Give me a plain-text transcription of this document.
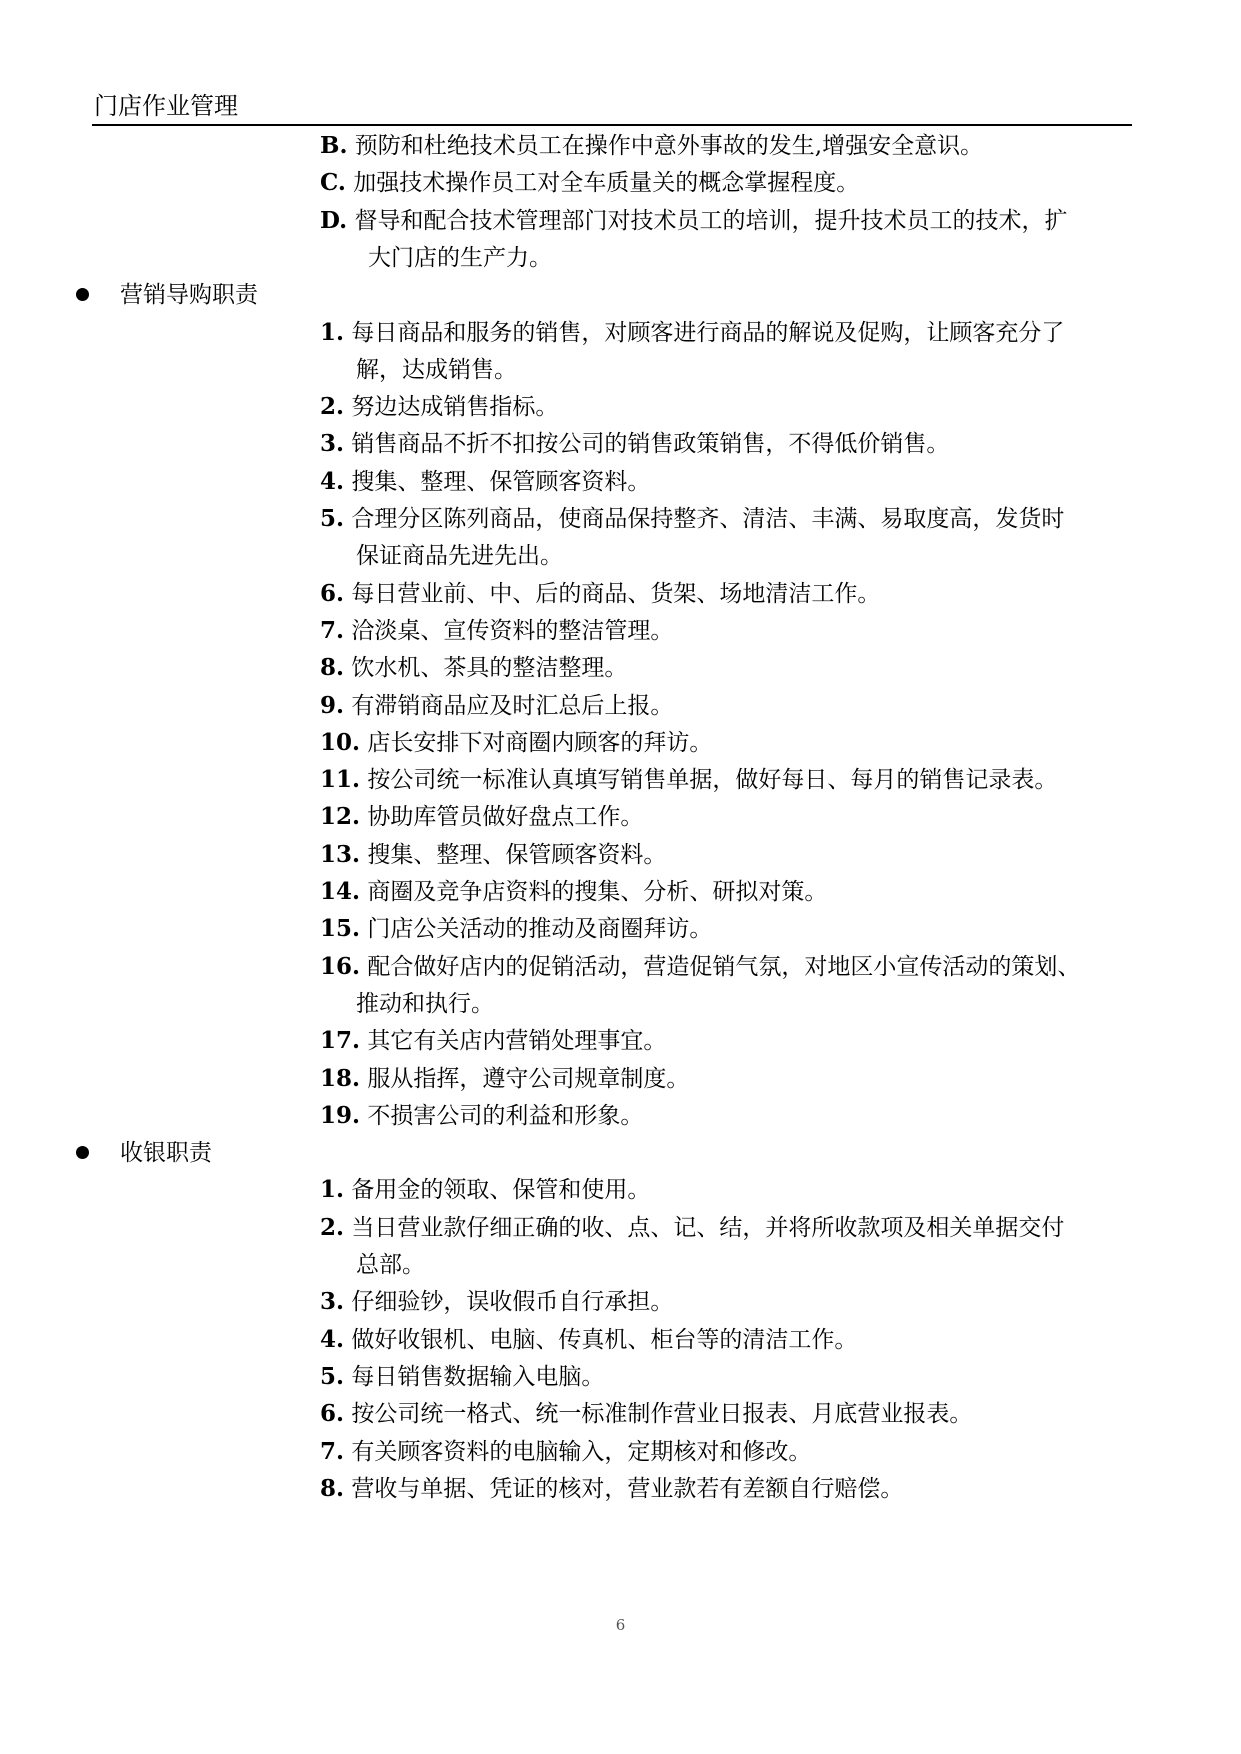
门店作业管理
B. 预防和杜绝技术员工在操作中意外事故的发生,增强安全意识。
C. 加强技术操作员工对全车质量关的概念掌握程度。
D. 督导和配合技术管理部门对技术员工的培训，提升技术员工的技术，扩
大门店的生产力。
营销导购职责
1. 每日商品和服务的销售，对顾客进行商品的解说及促购，让顾客充分了
解，达成销售。
2. 努边达成销售指标。
3. 销售商品不折不扣按公司的销售政策销售，不得低价销售。
4. 搜集、整理、保管顾客资料。
5. 合理分区陈列商品，使商品保持整齐、清洁、丰满、易取度高，发货时
保证商品先进先出。
6. 每日营业前、中、后的商品、货架、场地清洁工作。
7. 洽淡桌、宣传资料的整洁管理。
8. 饮水机、茶具的整洁整理。
9. 有滞销商品应及时汇总后上报。
10. 店长安排下对商圈内顾客的拜访。
11. 按公司统一标准认真填写销售单据，做好每日、每月的销售记录表。
12. 协助库管员做好盘点工作。
13. 搜集、整理、保管顾客资料。
14. 商圈及竞争店资料的搜集、分析、研拟对策。
15. 门店公关活动的推动及商圈拜访。
16. 配合做好店内的促销活动，营造促销气氛，对地区小宣传活动的策划、
推动和执行。
17. 其它有关店内营销处理事宜。
18. 服从指挥，遵守公司规章制度。
19. 不损害公司的利益和形象。
收银职责
1. 备用金的领取、保管和使用。
2. 当日营业款仔细正确的收、点、记、结，并将所收款项及相关单据交付
总部。
3. 仔细验钞，误收假币自行承担。
4. 做好收银机、电脑、传真机、柜台等的清洁工作。
5. 每日销售数据输入电脑。
6. 按公司统一格式、统一标准制作营业日报表、月底营业报表。
7. 有关顾客资料的电脑输入，定期核对和修改。
8. 营收与单据、凭证的核对，营业款若有差额自行赔偿。
6
